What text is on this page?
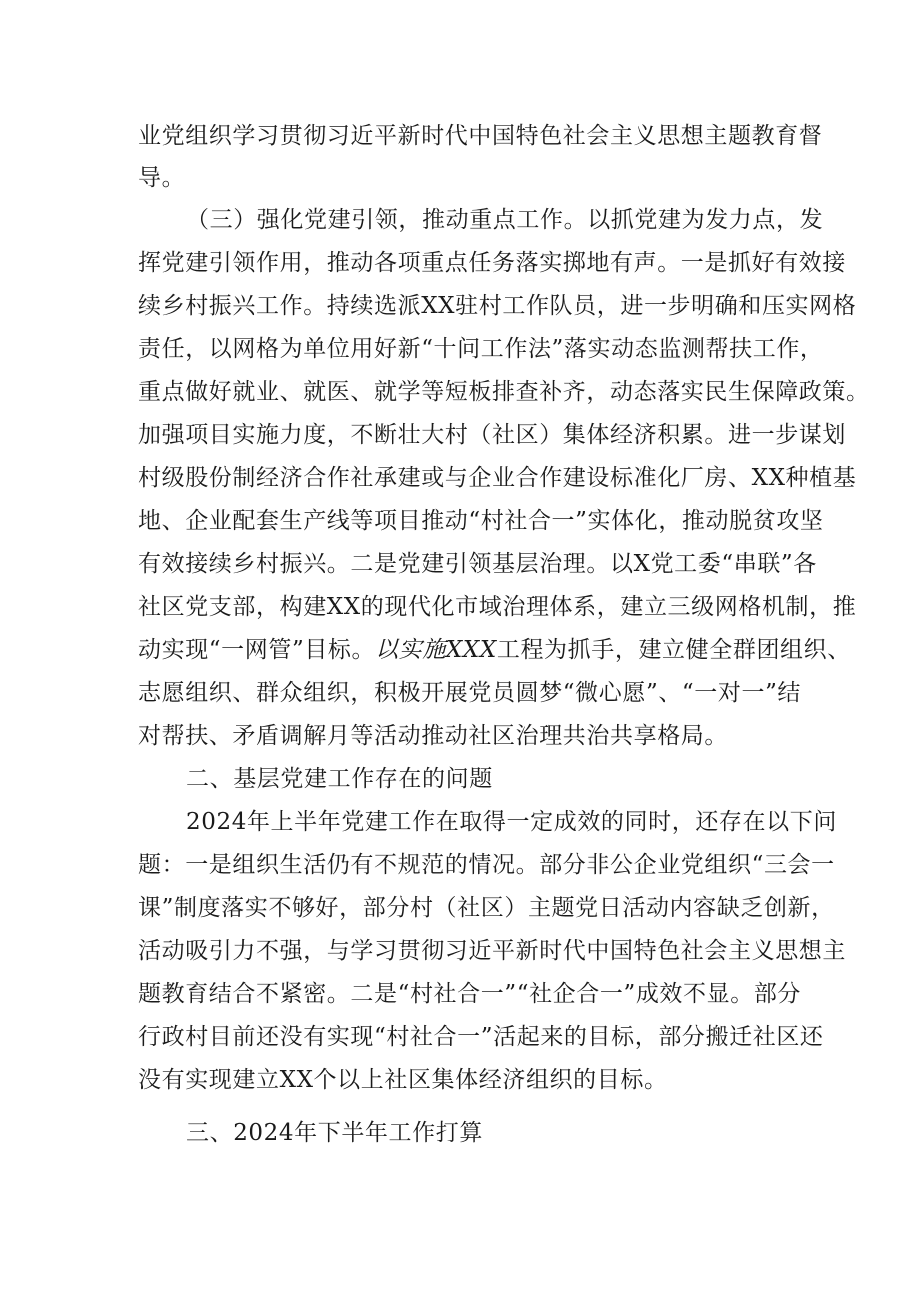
业党组织学习贯彻习近平新时代中国特色社会主义思想主题教育督
导。
（三）强化党建引领，推动重点工作。以抓党建为发力点，发
挥党建引领作用，推动各项重点任务落实掷地有声。一是抓好有效接
续乡村振兴工作。持续选派XX驻村工作队员，进一步明确和压实网格
责任，以网格为单位用好新“十问工作法”落实动态监测帮扶工作，
重点做好就业、就医、就学等短板排查补齐，动态落实民生保障政策。
加强项目实施力度，不断壮大村（社区）集体经济积累。进一步谋划
村级股份制经济合作社承建或与企业合作建设标准化厂房、XX种植基
地、企业配套生产线等项目推动“村社合一”实体化，推动脱贫攻坚
有效接续乡村振兴。二是党建引领基层治理。以X党工委“串联”各
社区党支部，构建XX的现代化市域治理体系，建立三级网格机制，推
动实现“一网管”目标。以实施XXX工程为抓手，建立健全群团组织、
志愿组织、群众组织，积极开展党员圆梦“微心愿”、“一对一”结
对帮扶、矛盾调解月等活动推动社区治理共治共享格局。
二、基层党建工作存在的问题
2024年上半年党建工作在取得一定成效的同时，还存在以下问
题：一是组织生活仍有不规范的情况。部分非公企业党组织“三会一
课”制度落实不够好，部分村（社区）主题党日活动内容缺乏创新，
活动吸引力不强，与学习贯彻习近平新时代中国特色社会主义思想主
题教育结合不紧密。二是“村社合一”“社企合一”成效不显。部分
行政村目前还没有实现“村社合一”活起来的目标，部分搬迁社区还
没有实现建立XX个以上社区集体经济组织的目标。
三、2024年下半年工作打算
